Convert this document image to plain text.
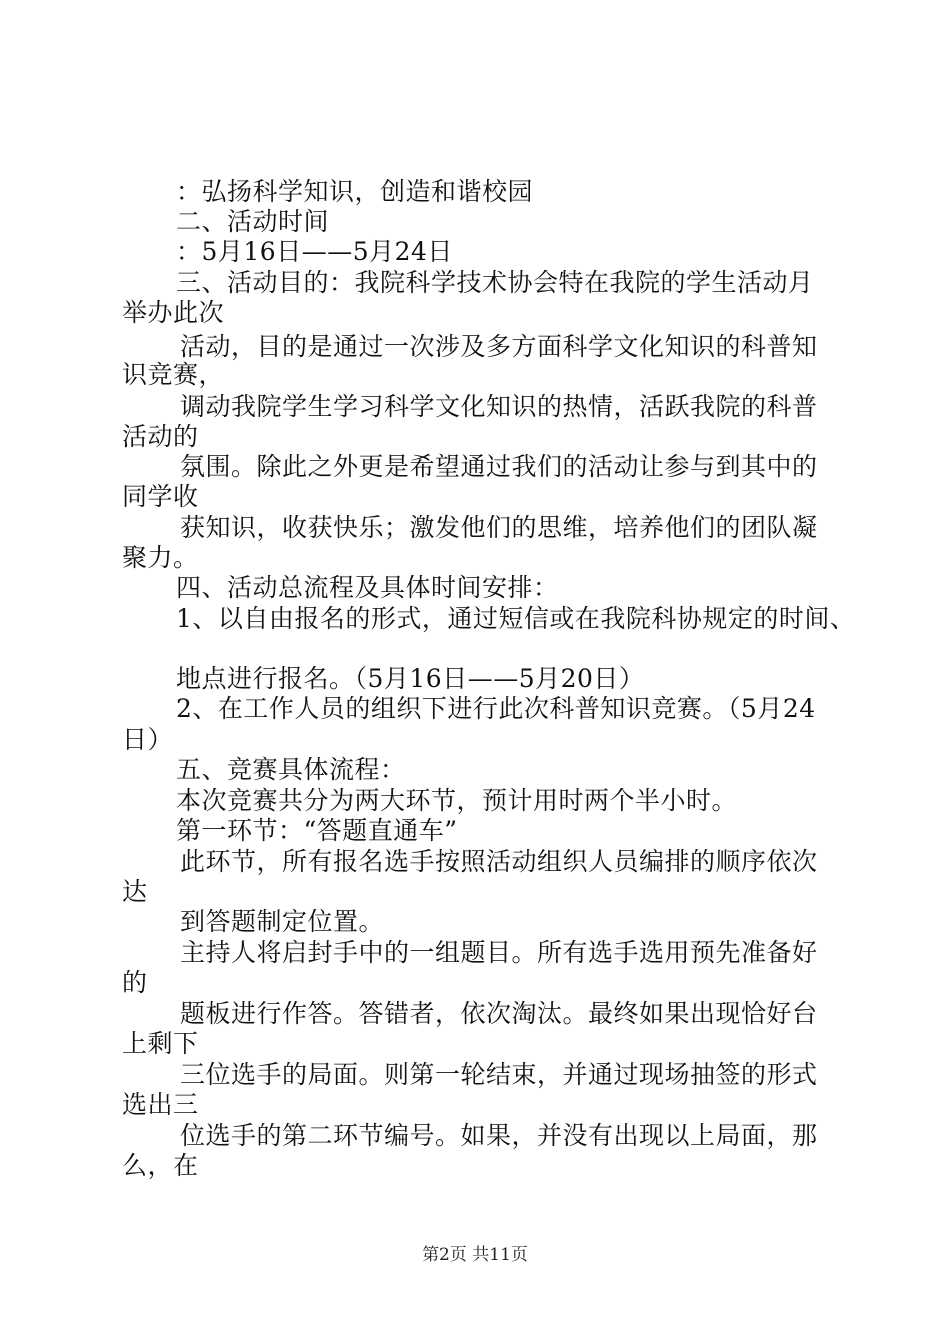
：弘扬科学知识，创造和谐校园
二、活动时间
：5月16日——5月24日
三、活动目的：我院科学技术协会特在我院的学生活动月
举办此次
活动，目的是通过一次涉及多方面科学文化知识的科普知
识竞赛，
调动我院学生学习科学文化知识的热情，活跃我院的科普
活动的
氛围。除此之外更是希望通过我们的活动让参与到其中的
同学收
获知识，收获快乐；激发他们的思维，培养他们的团队凝
聚力。
四、活动总流程及具体时间安排：
1、以自由报名的形式，通过短信或在我院科协规定的时间、
地点进行报名。（5月16日——5月20日）
2、在工作人员的组织下进行此次科普知识竞赛。（5月24
日）
五、竞赛具体流程：
本次竞赛共分为两大环节，预计用时两个半小时。
第一环节：“答题直通车”
此环节，所有报名选手按照活动组织人员编排的顺序依次
达
到答题制定位置。
主持人将启封手中的一组题目。所有选手选用预先准备好
的
题板进行作答。答错者，依次淘汰。最终如果出现恰好台
上剩下
三位选手的局面。则第一轮结束，并通过现场抽签的形式
选出三
位选手的第二环节编号。如果，并没有出现以上局面，那
么，在
第2页 共11页
